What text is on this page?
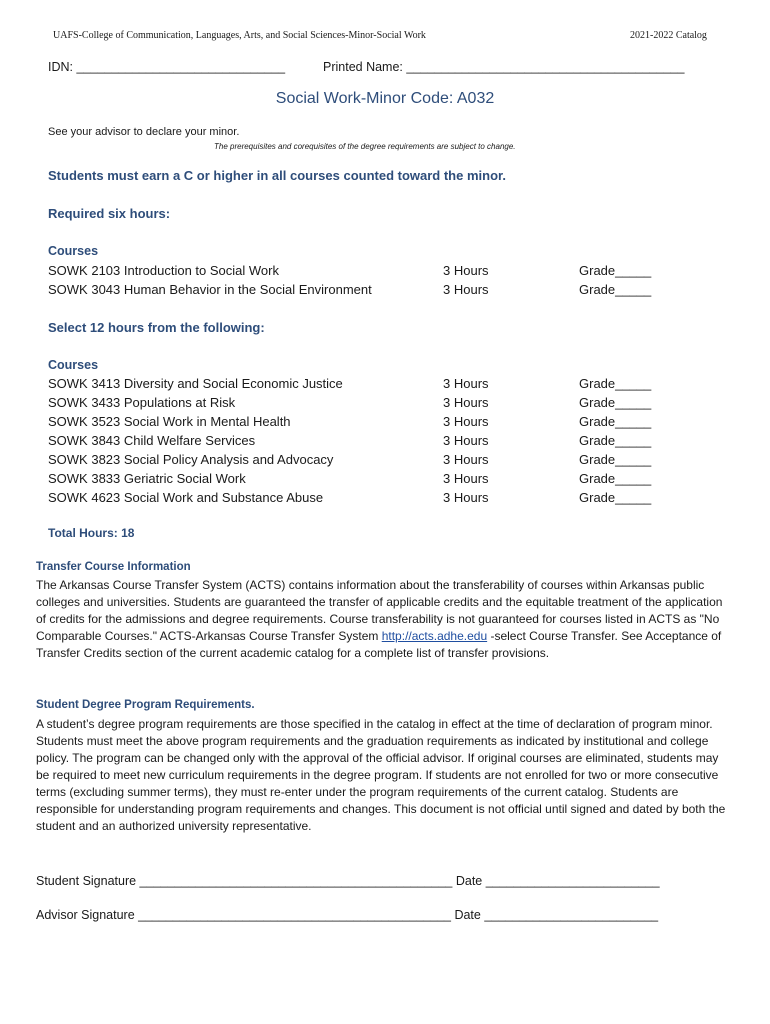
UAFS-College of Communication, Languages, Arts, and Social Sciences-Minor-Social Work	2021-2022 Catalog
IDN: ______________________________	Printed Name: ________________________________________
Social Work-Minor Code: A032
See your advisor to declare your minor.
The prerequisites and corequisites of the degree requirements are subject to change.
Students must earn a C or higher in all courses counted toward the minor.
Required six hours:
Courses
SOWK 2103 Introduction to Social Work	3 Hours	Grade_____
SOWK 3043 Human Behavior in the Social Environment	3 Hours	Grade_____
Select 12 hours from the following:
Courses
SOWK 3413 Diversity and Social Economic Justice	3 Hours	Grade_____
SOWK 3433 Populations at Risk	3 Hours	Grade_____
SOWK 3523 Social Work in Mental Health	3 Hours	Grade_____
SOWK 3843 Child Welfare Services	3 Hours	Grade_____
SOWK 3823 Social Policy Analysis and Advocacy	3 Hours	Grade_____
SOWK 3833 Geriatric Social Work	3 Hours	Grade_____
SOWK 4623 Social Work and Substance Abuse	3 Hours	Grade_____
Total Hours: 18
Transfer Course Information
The Arkansas Course Transfer System (ACTS) contains information about the transferability of courses within Arkansas public colleges and universities. Students are guaranteed the transfer of applicable credits and the equitable treatment of the application of credits for the admissions and degree requirements. Course transferability is not guaranteed for courses listed in ACTS as "No Comparable Courses." ACTS-Arkansas Course Transfer System http://acts.adhe.edu -select Course Transfer. See Acceptance of Transfer Credits section of the current academic catalog for a complete list of transfer provisions.
Student Degree Program Requirements.
A student’s degree program requirements are those specified in the catalog in effect at the time of declaration of program minor. Students must meet the above program requirements and the graduation requirements as indicated by institutional and college policy. The program can be changed only with the approval of the official advisor. If original courses are eliminated, students may be required to meet new curriculum requirements in the degree program. If students are not enrolled for two or more consecutive terms (excluding summer terms), they must re-enter under the program requirements of the current catalog. Students are responsible for understanding program requirements and changes. This document is not official until signed and dated by both the student and an authorized university representative.
Student Signature _____________________________________________ Date _________________________
Advisor Signature _____________________________________________ Date _________________________
